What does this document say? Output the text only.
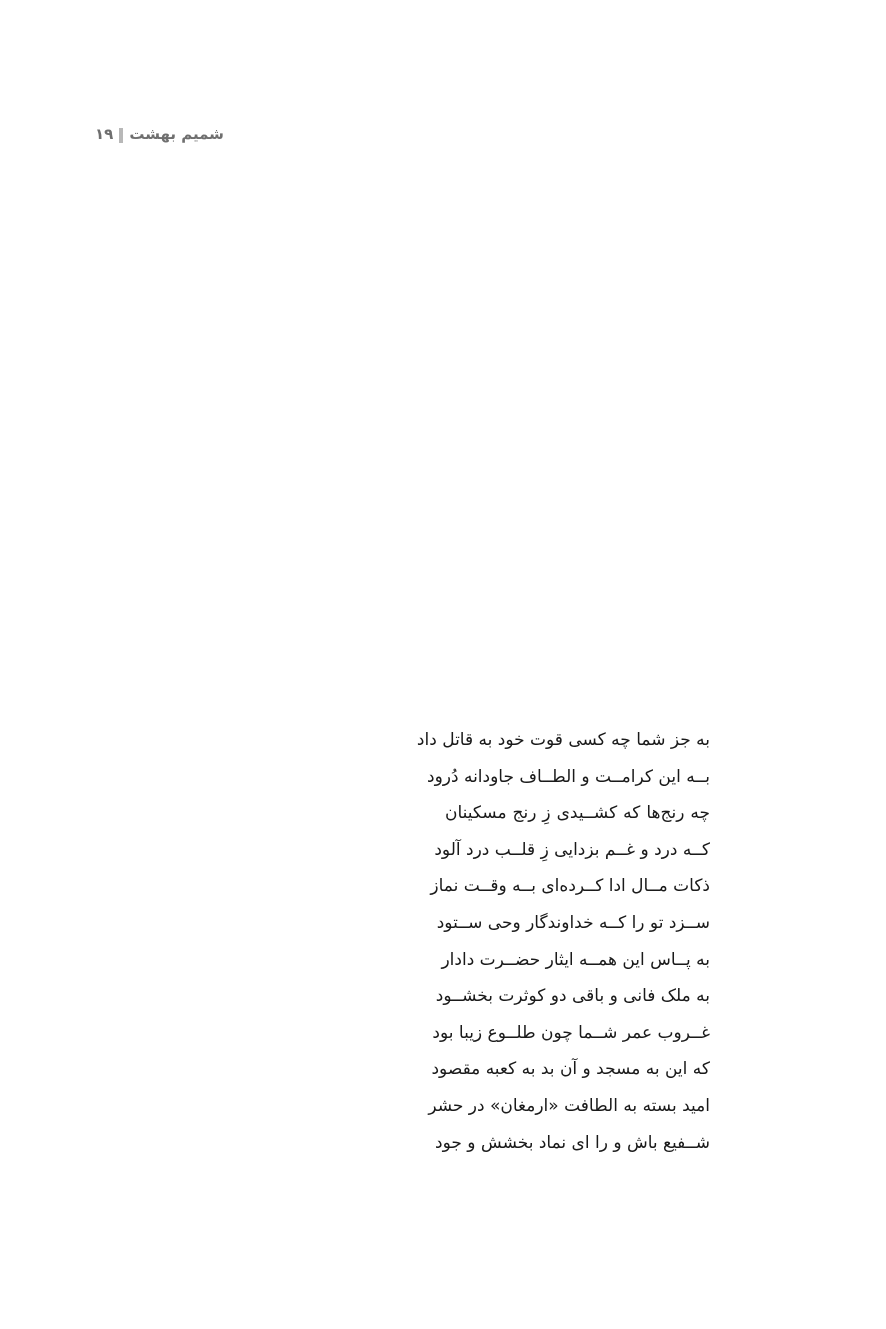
شمیم بهشت
۱۹
به جز شما چه کسی قوت خود به قاتل داد
بــه این کرامــت و الطــاف جاودانه دُرود
چه رنج‌ها که کشــیدی زِ رنج مسکینان
کــه درد و غــم بزدایی زِ قلــب درد آلود
ذکات مــال ادا کــرده‌ای بــه وقــت نماز
ســزد تو را کــه خداوندگار وحی ســتود
به پــاس این همــه ایثار حضــرت دادار
به ملک فانی و باقی دو کوثرت بخشــود
غــروب عمر شــما چون طلــوع زیبا بود
که این به مسجد و آن بد به کعبه مقصود
امید بسته به الطافت «ارمغان» در حشر
شــفیع باش و را ای نماد بخشش و جود
